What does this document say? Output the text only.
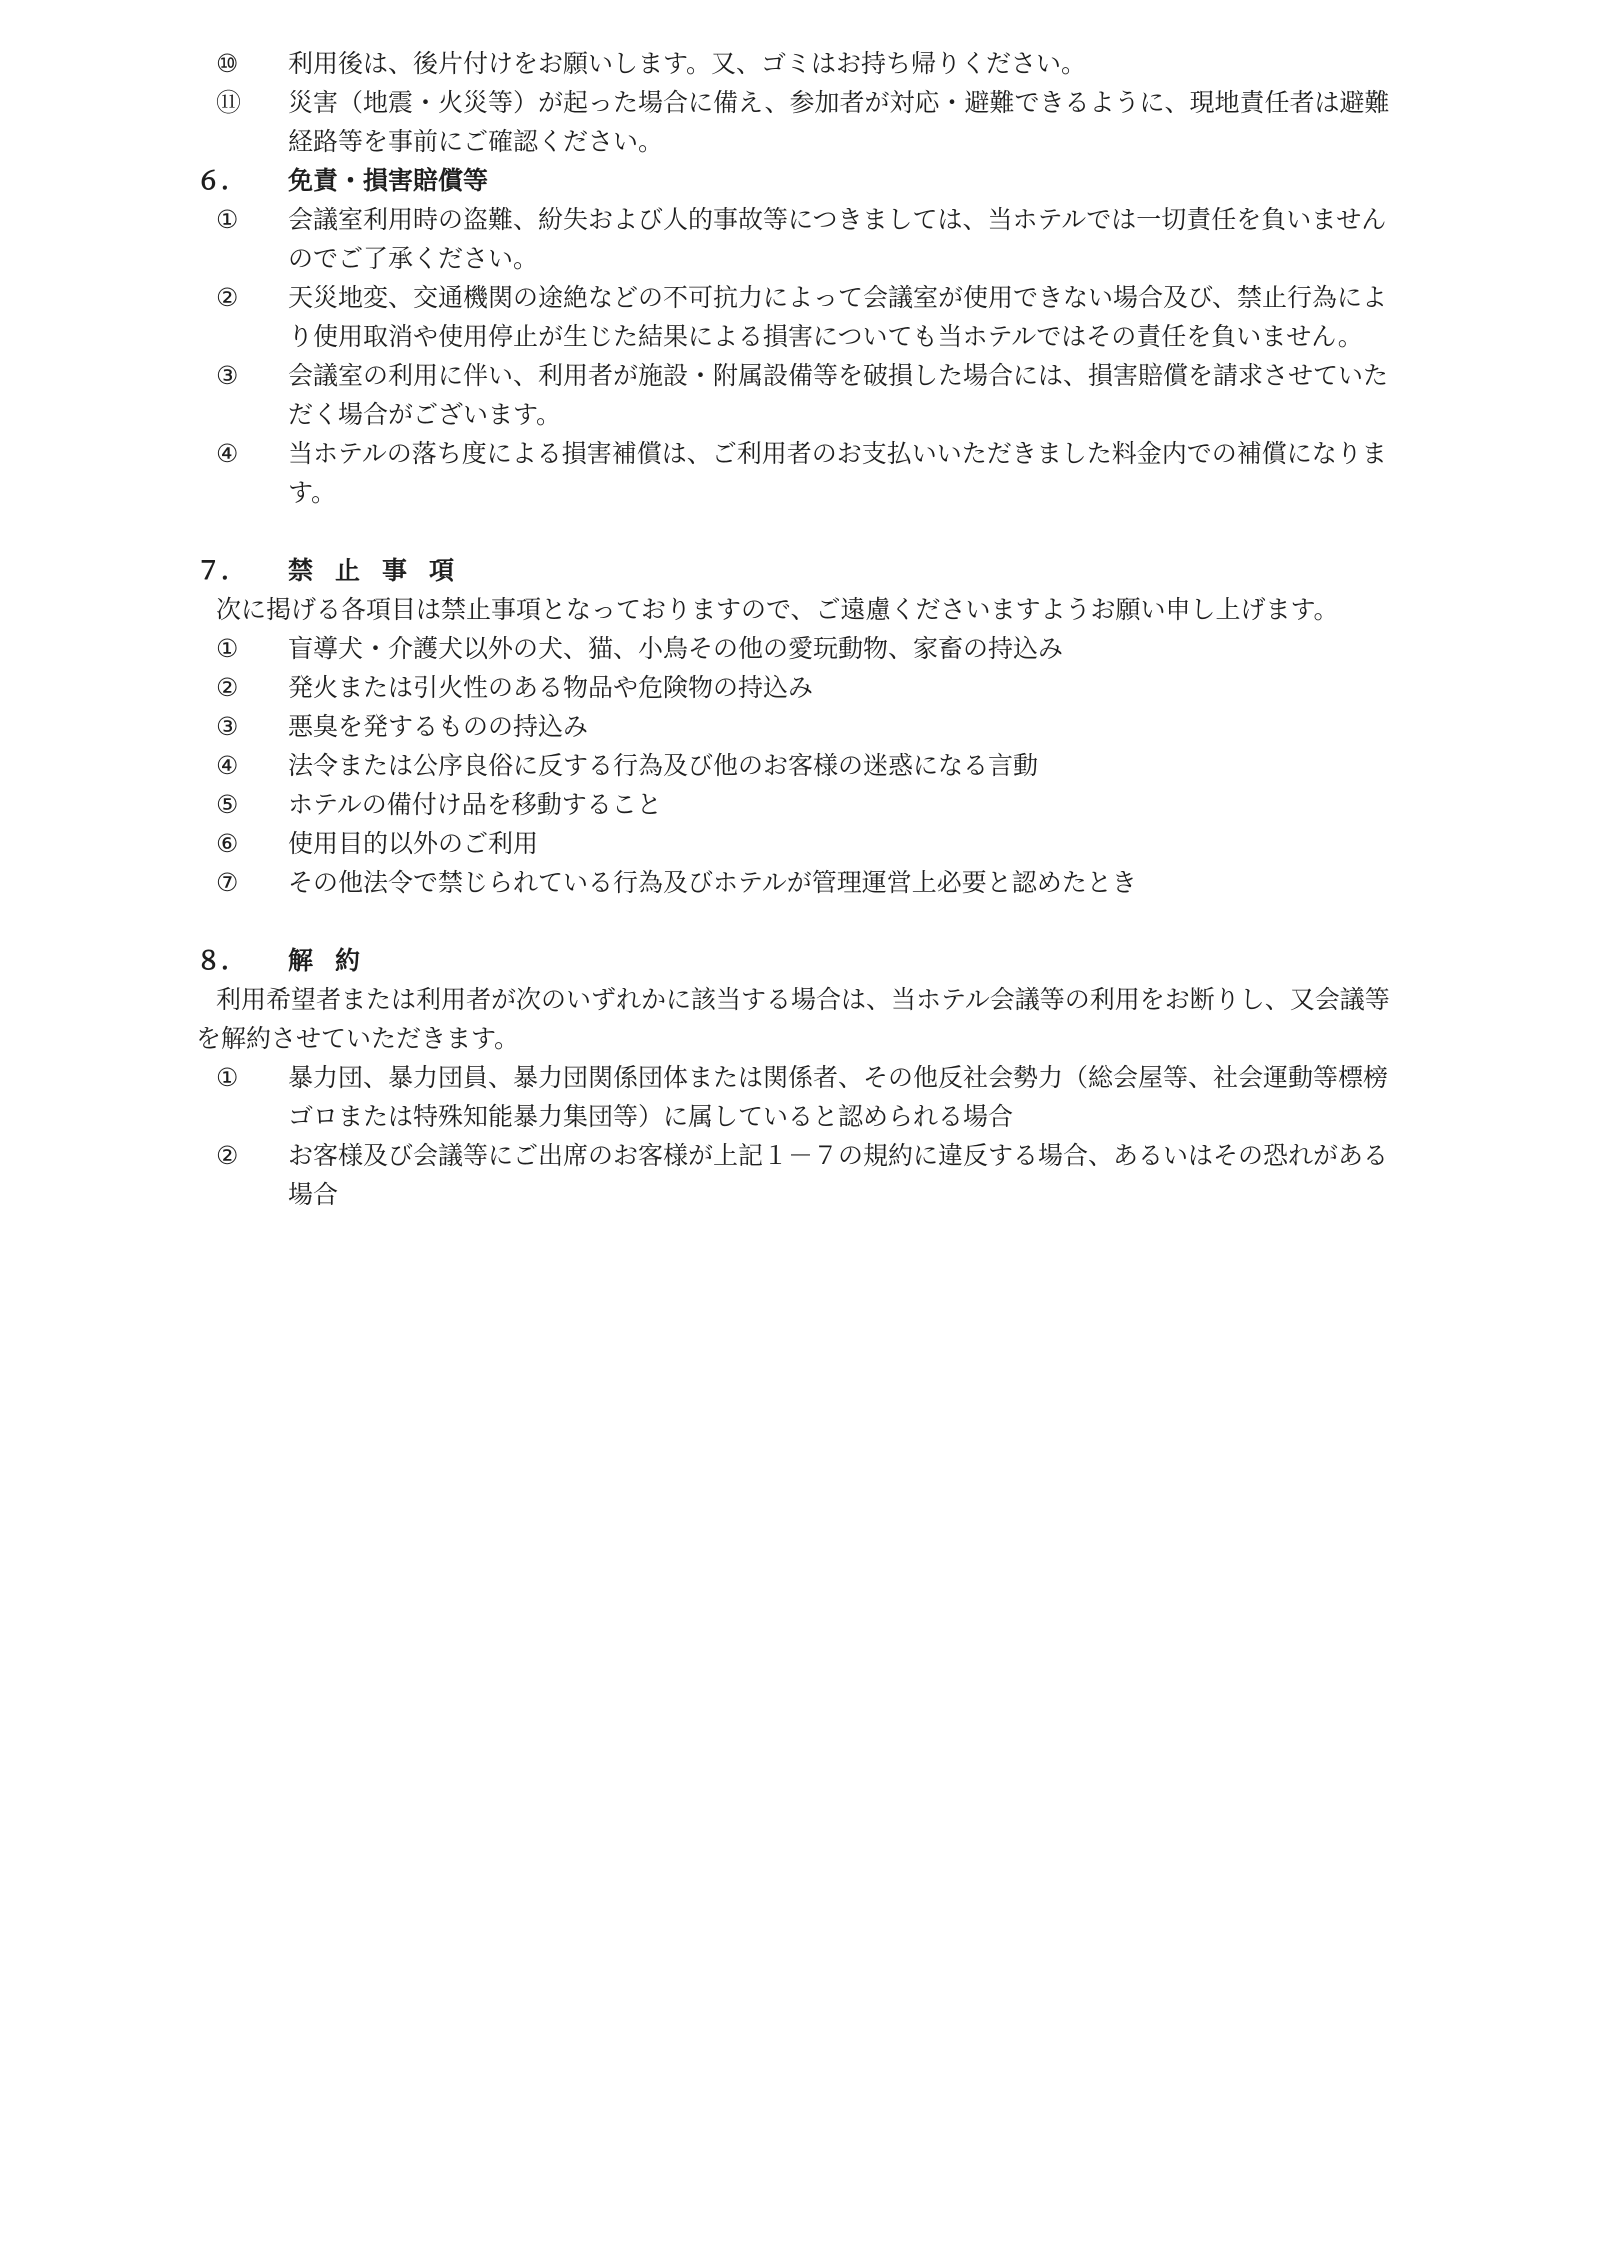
⑩	利用後は、後片付けをお願いします。又、ゴミはお持ち帰りください。
⑪	災害（地震・火災等）が起った場合に備え、参加者が対応・避難できるように、現地責任者は避難経路等を事前にご確認ください。
６．	免責・損害賠償等
①	会議室利用時の盗難、紛失および人的事故等につきましては、当ホテルでは一切責任を負いませんのでご了承ください。
②	天災地変、交通機関の途絶などの不可抗力によって会議室が使用できない場合及び、禁止行為により使用取消や使用停止が生じた結果による損害についても当ホテルではその責任を負いません。
③	会議室の利用に伴い、利用者が施設・附属設備等を破損した場合には、損害賠償を請求させていただく場合がございます。
④	当ホテルの落ち度による損害補償は、ご利用者のお支払いいただきました料金内での補償になります。
７．	禁止事項
次に掲げる各項目は禁止事項となっておりますので、ご遠慮くださいますようお願い申し上げます。
①	盲導犬・介護犬以外の犬、猫、小鳥その他の愛玩動物、家畜の持込み
②	発火または引火性のある物品や危険物の持込み
③	悪臭を発するものの持込み
④	法令または公序良俗に反する行為及び他のお客様の迷惑になる言動
⑤	ホテルの備付け品を移動すること
⑥	使用目的以外のご利用
⑦	その他法令で禁じられている行為及びホテルが管理運営上必要と認めたとき
８．	解約
利用希望者または利用者が次のいずれかに該当する場合は、当ホテル会議等の利用をお断りし、又会議等を解約させていただきます。
①	暴力団、暴力団員、暴力団関係団体または関係者、その他反社会勢力（総会屋等、社会運動等標榜ゴロまたは特殊知能暴力集団等）に属していると認められる場合
②	お客様及び会議等にご出席のお客様が上記１－７の規約に違反する場合、あるいはその恐れがある場合
